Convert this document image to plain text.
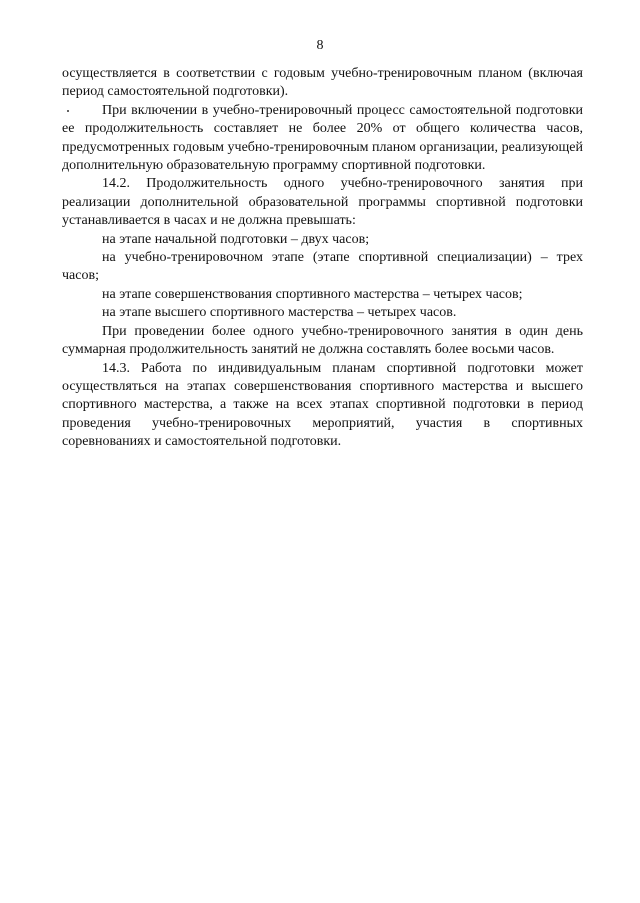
8

осуществляется в соответствии с годовым учебно-тренировочным планом (включая период самостоятельной подготовки).

При включении в учебно-тренировочный процесс самостоятельной подготовки ее продолжительность составляет не более 20% от общего количества часов, предусмотренных годовым учебно-тренировочным планом организации, реализующей дополнительную образовательную программу спортивной подготовки.

14.2. Продолжительность одного учебно-тренировочного занятия при реализации дополнительной образовательной программы спортивной подготовки устанавливается в часах и не должна превышать:

на этапе начальной подготовки – двух часов;

на учебно-тренировочном этапе (этапе спортивной специализации) – трех часов;

на этапе совершенствования спортивного мастерства – четырех часов;

на этапе высшего спортивного мастерства – четырех часов.

При проведении более одного учебно-тренировочного занятия в один день суммарная продолжительность занятий не должна составлять более восьми часов.

14.3. Работа по индивидуальным планам спортивной подготовки может осуществляться на этапах совершенствования спортивного мастерства и высшего спортивного мастерства, а также на всех этапах спортивной подготовки в период проведения учебно-тренировочных мероприятий, участия в спортивных соревнованиях и самостоятельной подготовки.
